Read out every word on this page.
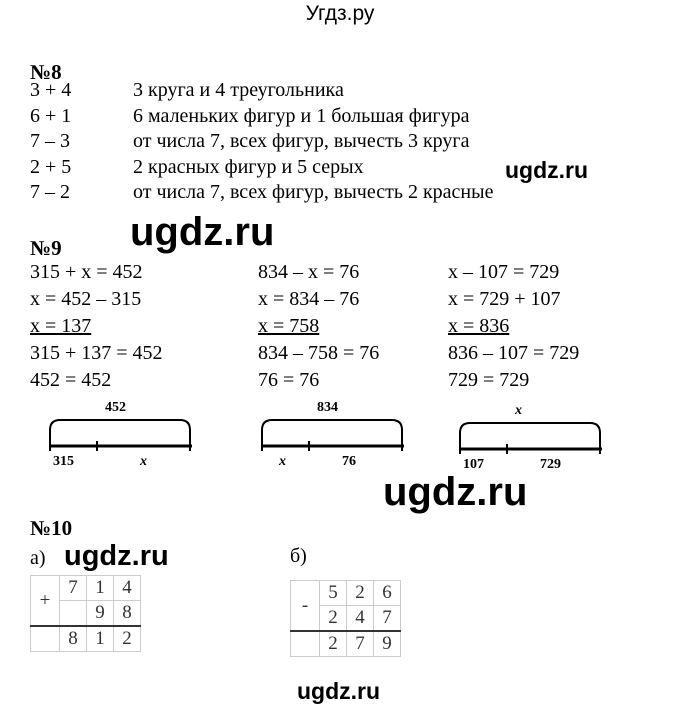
Угдз.ру
№8
3 + 4	3 круга и 4 треугольника
6 + 1	6 маленьких фигур и 1 большая фигура
7 – 3	от числа 7, всех фигур, вычесть 3 круга
2 + 5	2 красных фигур и 5 серых
7 – 2	от числа 7, всех фигур, вычесть 2 красные
ugdz.ru
№9 ugdz.ru
315 + x = 452
x = 452 – 315
x = 137
315 + 137 = 452
452 = 452
452
315	x
834 – x = 76
x = 834 – 76
x = 758
834 – 758 = 76
76 = 76
834
x	76
x – 107 = 729
x = 729 + 107
x = 836
836 – 107 = 729
729 = 729
x
107	729
ugdz.ru
№10
а) ugdz.ru	б)
+	7	1	4
		9	8
	8	1	2
-	5	2	6
	2	4	7
	2	7	9
ugdz.ru
